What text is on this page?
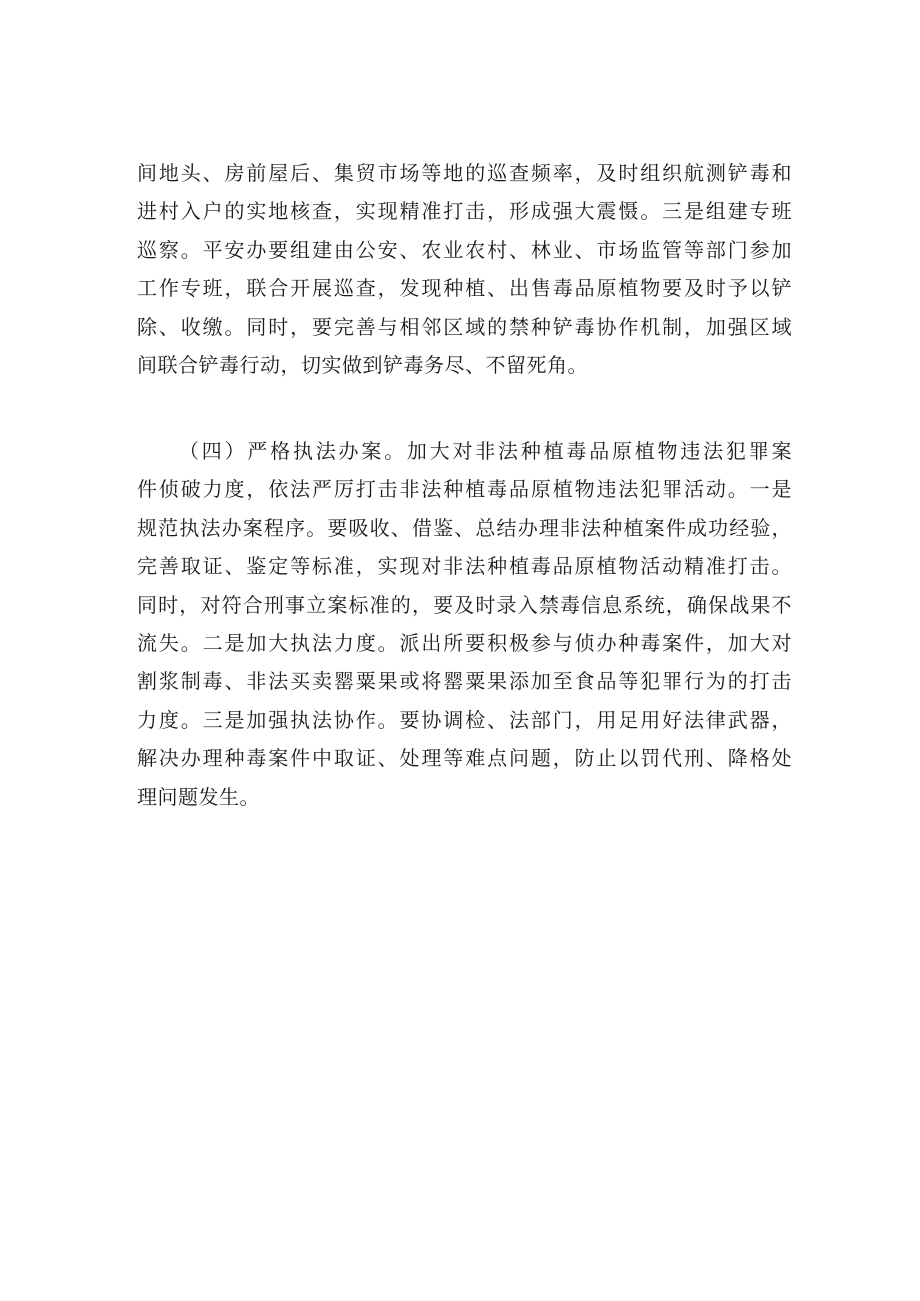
间地头、房前屋后、集贸市场等地的巡查频率，及时组织航测铲毒和
进村入户的实地核查，实现精准打击，形成强大震慑。三是组建专班
巡察。平安办要组建由公安、农业农村、林业、市场监管等部门参加
工作专班，联合开展巡查，发现种植、出售毒品原植物要及时予以铲
除、收缴。同时，要完善与相邻区域的禁种铲毒协作机制，加强区域
间联合铲毒行动，切实做到铲毒务尽、不留死角。
（四）严格执法办案。加大对非法种植毒品原植物违法犯罪案
件侦破力度，依法严厉打击非法种植毒品原植物违法犯罪活动。一是
规范执法办案程序。要吸收、借鉴、总结办理非法种植案件成功经验，
完善取证、鉴定等标准，实现对非法种植毒品原植物活动精准打击。
同时，对符合刑事立案标准的，要及时录入禁毒信息系统，确保战果不
流失。二是加大执法力度。派出所要积极参与侦办种毒案件，加大对
割浆制毒、非法买卖罂粟果或将罂粟果添加至食品等犯罪行为的打击
力度。三是加强执法协作。要协调检、法部门，用足用好法律武器，
解决办理种毒案件中取证、处理等难点问题，防止以罚代刑、降格处
理问题发生。
